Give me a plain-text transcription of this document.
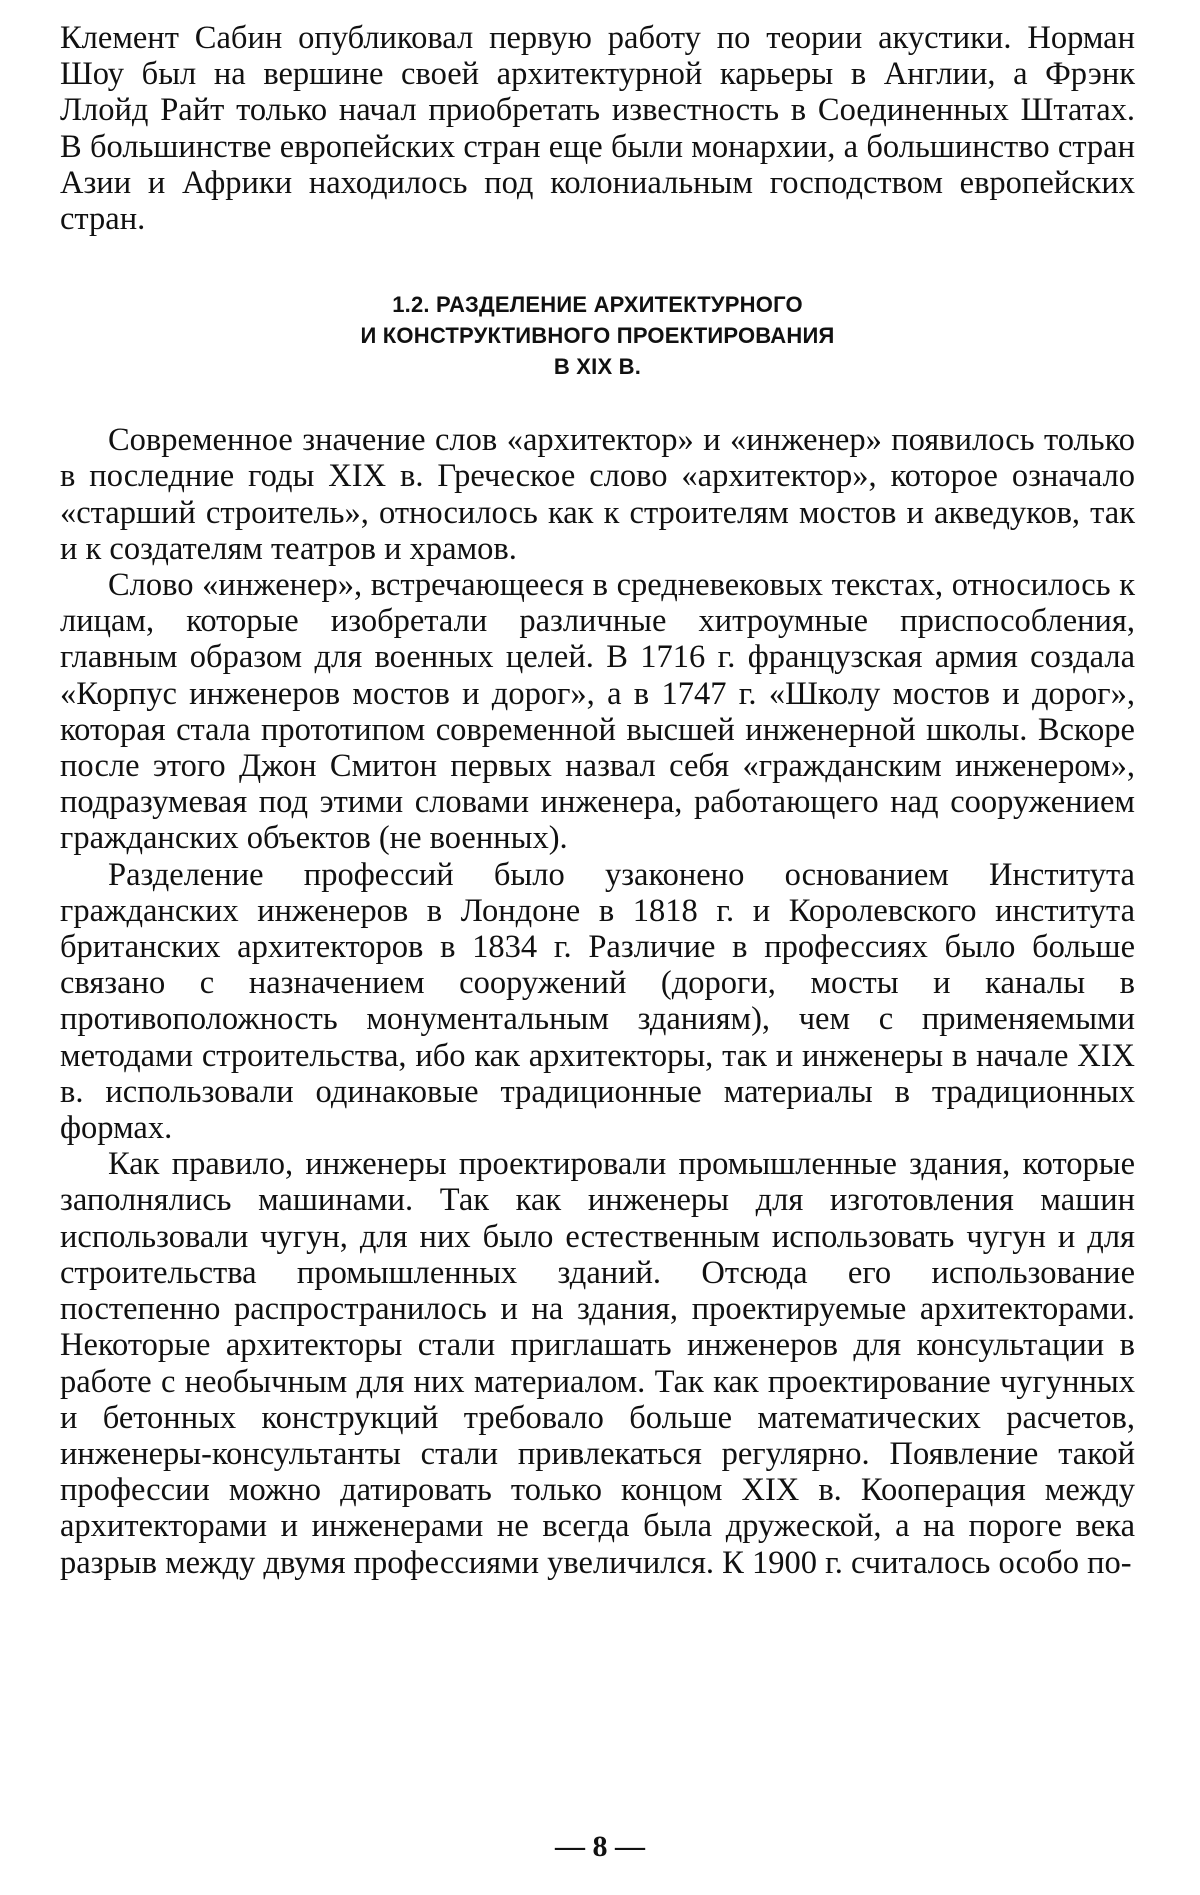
Клемент Сабин опубликовал первую работу по теории акустики. Норман Шоу был на вершине своей архитектурной карьеры в Англии, а Фрэнк Ллойд Райт только начал приобретать известность в Соединенных Штатах. В большинстве европейских стран еще были монархии, а большинство стран Азии и Африки находилось под колониальным господством европейских стран.

1.2. РАЗДЕЛЕНИЕ АРХИТЕКТУРНОГО
И КОНСТРУКТИВНОГО ПРОЕКТИРОВАНИЯ
В XIX В.

Современное значение слов «архитектор» и «инженер» появилось только в последние годы XIX в. Греческое слово «архитектор», которое означало «старший строитель», относилось как к строителям мостов и акведуков, так и к создателям театров и храмов.

Слово «инженер», встречающееся в средневековых текстах, относилось к лицам, которые изобретали различные хитроумные приспособления, главным образом для военных целей. В 1716 г. французская армия создала «Корпус инженеров мостов и дорог», а в 1747 г. «Школу мостов и дорог», которая стала прототипом современной высшей инженерной школы. Вскоре после этого Джон Смитон первых назвал себя «гражданским инженером», подразумевая под этими словами инженера, работающего над сооружением гражданских объектов (не военных).

Разделение профессий было узаконено основанием Института гражданских инженеров в Лондоне в 1818 г. и Королевского института британских архитекторов в 1834 г. Различие в профессиях было больше связано с назначением сооружений (дороги, мосты и каналы в противоположность монументальным зданиям), чем с применяемыми методами строительства, ибо как архитекторы, так и инженеры в начале XIX в. использовали одинаковые традиционные материалы в традиционных формах.

Как правило, инженеры проектировали промышленные здания, которые заполнялись машинами. Так как инженеры для изготовления машин использовали чугун, для них было естественным использовать чугун и для строительства промышленных зданий. Отсюда его использование постепенно распространилось и на здания, проектируемые архитекторами. Некоторые архитекторы стали приглашать инженеров для консультации в работе с необычным для них материалом. Так как проектирование чугунных и бетонных конструкций требовало больше математических расчетов, инженеры-консультанты стали привлекаться регулярно. Появление такой профессии можно датировать только концом XIX в. Кооперация между архитекторами и инженерами не всегда была дружеской, а на пороге века разрыв между двумя профессиями увеличился. К 1900 г. считалось особо по-

— 8 —
